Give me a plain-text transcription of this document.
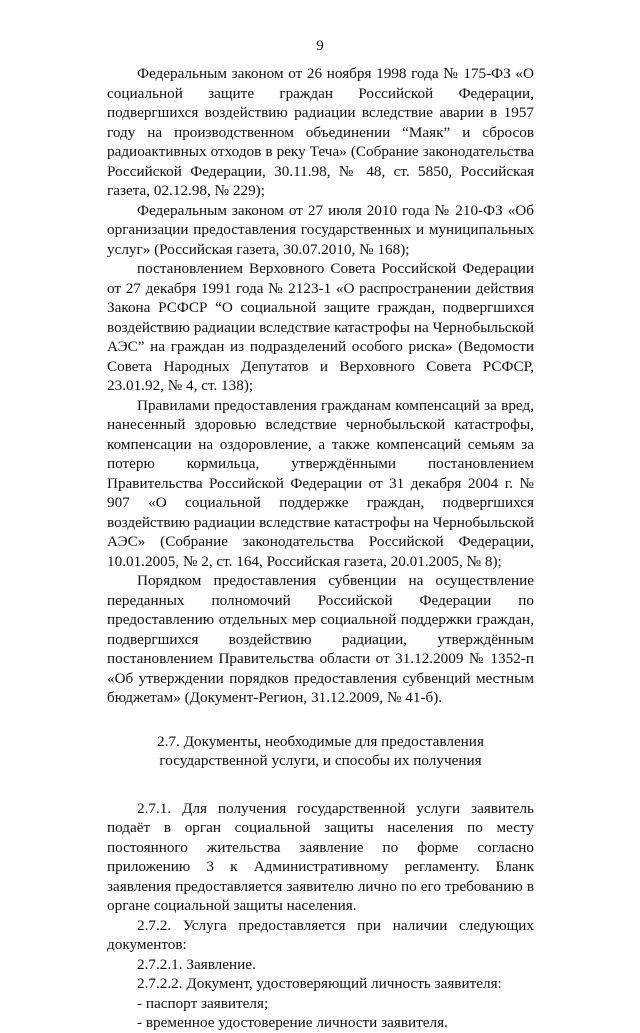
9

Федеральным законом от 26 ноября 1998 года № 175-ФЗ «О социальной защите граждан Российской Федерации, подвергшихся воздействию радиации вследствие аварии в 1957 году на производственном объединении “Маяк” и сбросов радиоактивных отходов в реку Теча» (Собрание законодательства Российской Федерации, 30.11.98, № 48, ст. 5850, Российская газета, 02.12.98, № 229);

Федеральным законом от 27 июля 2010 года № 210-ФЗ «Об организации предоставления государственных и муниципальных услуг» (Российская газета, 30.07.2010, № 168);

постановлением Верховного Совета Российской Федерации от 27 декабря 1991 года № 2123-1 «О распространении действия Закона РСФСР “О социальной защите граждан, подвергшихся воздействию радиации вследствие катастрофы на Чернобыльской АЭС” на граждан из подразделений особого риска» (Ведомости Совета Народных Депутатов и Верховного Совета РСФСР, 23.01.92, № 4, ст. 138);

Правилами предоставления гражданам компенсаций за вред, нанесенный здоровью вследствие чернобыльской катастрофы, компенсации на оздоровление, а также компенсаций семьям за потерю кормильца, утверждёнными постановлением Правительства Российской Федерации от 31 декабря 2004 г. № 907 «О социальной поддержке граждан, подвергшихся воздействию радиации вследствие катастрофы на Чернобыльской АЭС» (Собрание законодательства Российской Федерации, 10.01.2005, № 2, ст. 164, Российская газета, 20.01.2005, № 8);

Порядком предоставления субвенции на осуществление переданных полномочий Российской Федерации по предоставлению отдельных мер социальной поддержки граждан, подвергшихся воздействию радиации, утверждённым постановлением Правительства области от 31.12.2009 № 1352-п «Об утверждении порядков предоставления субвенций местным бюджетам» (Документ-Регион, 31.12.2009, № 41-б).

2.7. Документы, необходимые для предоставления
государственной услуги, и способы их получения

2.7.1. Для получения государственной услуги заявитель подаёт в орган социальной защиты населения по месту постоянного жительства заявление по форме согласно приложению 3 к Административному регламенту. Бланк заявления предоставляется заявителю лично по его требованию в органе социальной защиты населения.

2.7.2. Услуга предоставляется при наличии следующих документов:

2.7.2.1. Заявление.

2.7.2.2. Документ, удостоверяющий личность заявителя:

- паспорт заявителя;

- временное удостоверение личности заявителя.
